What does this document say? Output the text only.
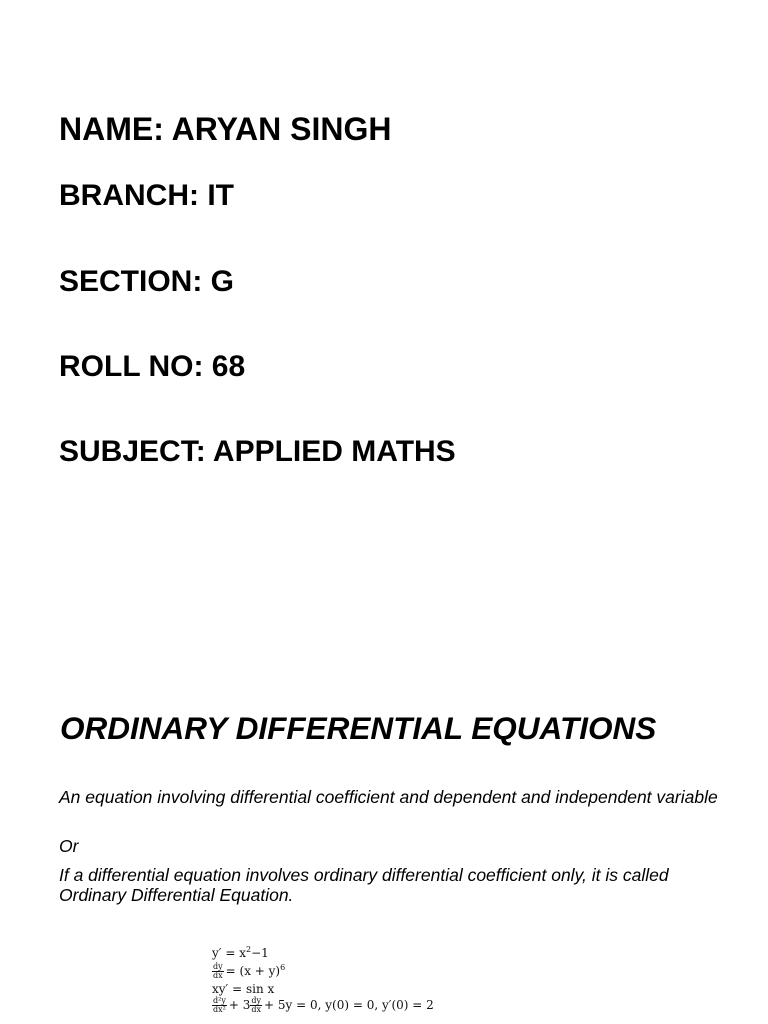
NAME: ARYAN SINGH

BRANCH: IT

SECTION: G

ROLL NO: 68

SUBJECT: APPLIED MATHS

ORDINARY DIFFERENTIAL EQUATIONS

An equation involving differential coefficient and dependent and independent variable

Or

If a differential equation involves ordinary differential coefficient only, it is called Ordinary Differential Equation.

$y' = x^2-1$
$\frac{dy}{dx} = (x + y)^6$
xy′ = sin x
$\frac{\text{d²y}}{\text{dx²}} + 3 \frac{dy}{dx} + 5y = 0$, y(0) = 0, y′(0) = 2
